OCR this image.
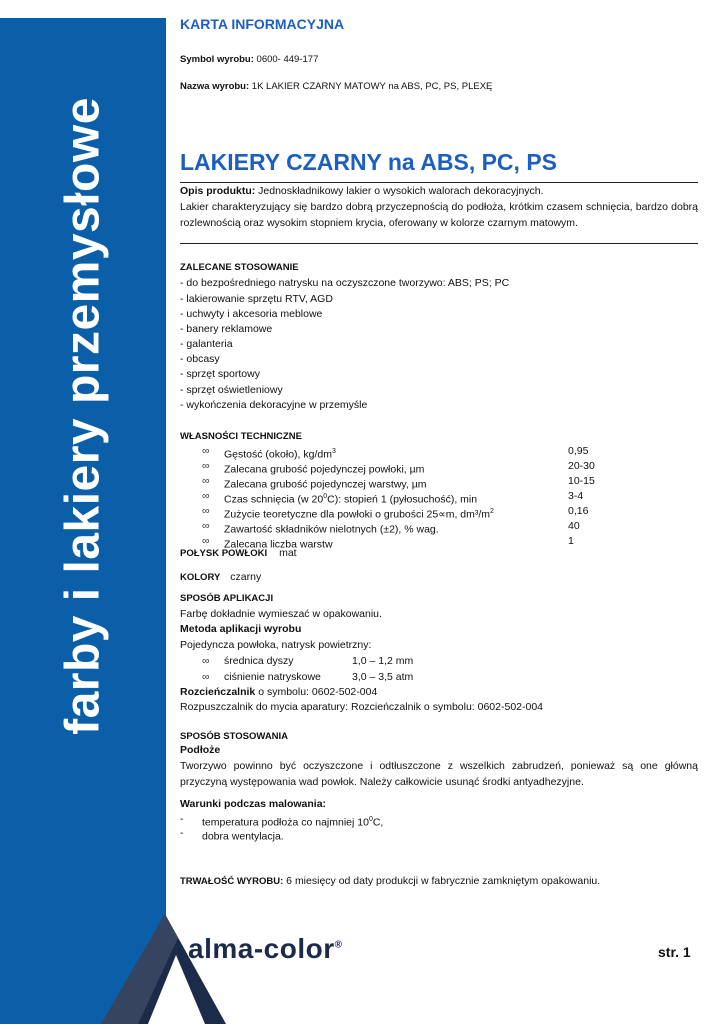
farby i lakiery przemysłowe
KARTA INFORMACYJNA
Symbol wyrobu: 0600- 449-177
Nazwa wyrobu: 1K LAKIER CZARNY MATOWY na ABS, PC, PS, PLEXĘ
LAKIERY CZARNY na ABS, PC, PS
Opis produktu: Jednoskładnikowy lakier o wysokich walorach dekoracyjnych.
Lakier charakteryzujący się bardzo dobrą przyczepnością do podłoża, krótkim czasem schnięcia, bardzo dobrą rozlewnością oraz wysokim stopniem krycia, oferowany w kolorze czarnym matowym.
ZALECANE STOSOWANIE
- do bezpośredniego natrysku na oczyszczone tworzywo: ABS; PS; PC
- lakierowanie sprzętu RTV, AGD
- uchwyty i akcesoria meblowe
- banery reklamowe
- galanteria
- obcasy
- sprzęt sportowy
- sprzęt oświetleniowy
- wykończenia dekoracyjne w przemyśle
WŁASNOŚCI TECHNICZNE
∞ Gęstość (około), $kg/dm^3$	0,95
∞ Zalecana grubość pojedynczej powłoki, µm	20-30
∞ Zalecana grubość pojedynczej warstwy, µm	10-15
∞ Czas schnięcia (w $20^0C$): stopień 1 (pyłosuchość), min	3-4
∞ Zużycie teoretyczne dla powłoki o grubości 25∝m, dm³/$m^2$	0,16
∞ Zawartość składników nielotnych (±2), % wag.	40
∞ Zalecana liczba warstw	1
POŁYSK POWŁOKI mat
KOLORY czarny
SPOSÓB APLIKACJI
Farbę dokładnie wymieszać w opakowaniu.
Metoda aplikacji wyrobu
Pojedyncza powłoka, natrysk powietrzny:
∞ średnica dyszy	1,0 – 1,2 mm
∞ ciśnienie natryskowe	3,0 – 3,5 atm
Rozcieńczalnik o symbolu: 0602-502-004
Rozpuszczalnik do mycia aparatury: Rozcieńczalnik o symbolu: 0602-502-004
SPOSÓB STOSOWANIA
Podłoże
Tworzywo powinno być oczyszczone i odtłuszczone z wszelkich zabrudzeń, ponieważ są one główną przyczyną występowania wad powłok. Należy całkowicie usunąć środki antyadhezyjne.
Warunki podczas malowania:
- temperatura podłoża co najmniej $10^0C$,
- dobra wentylacja.
TRWAŁOŚĆ WYROBU: 6 miesięcy od daty produkcji w fabrycznie zamkniętym opakowaniu.
alma-color®	str. 1
